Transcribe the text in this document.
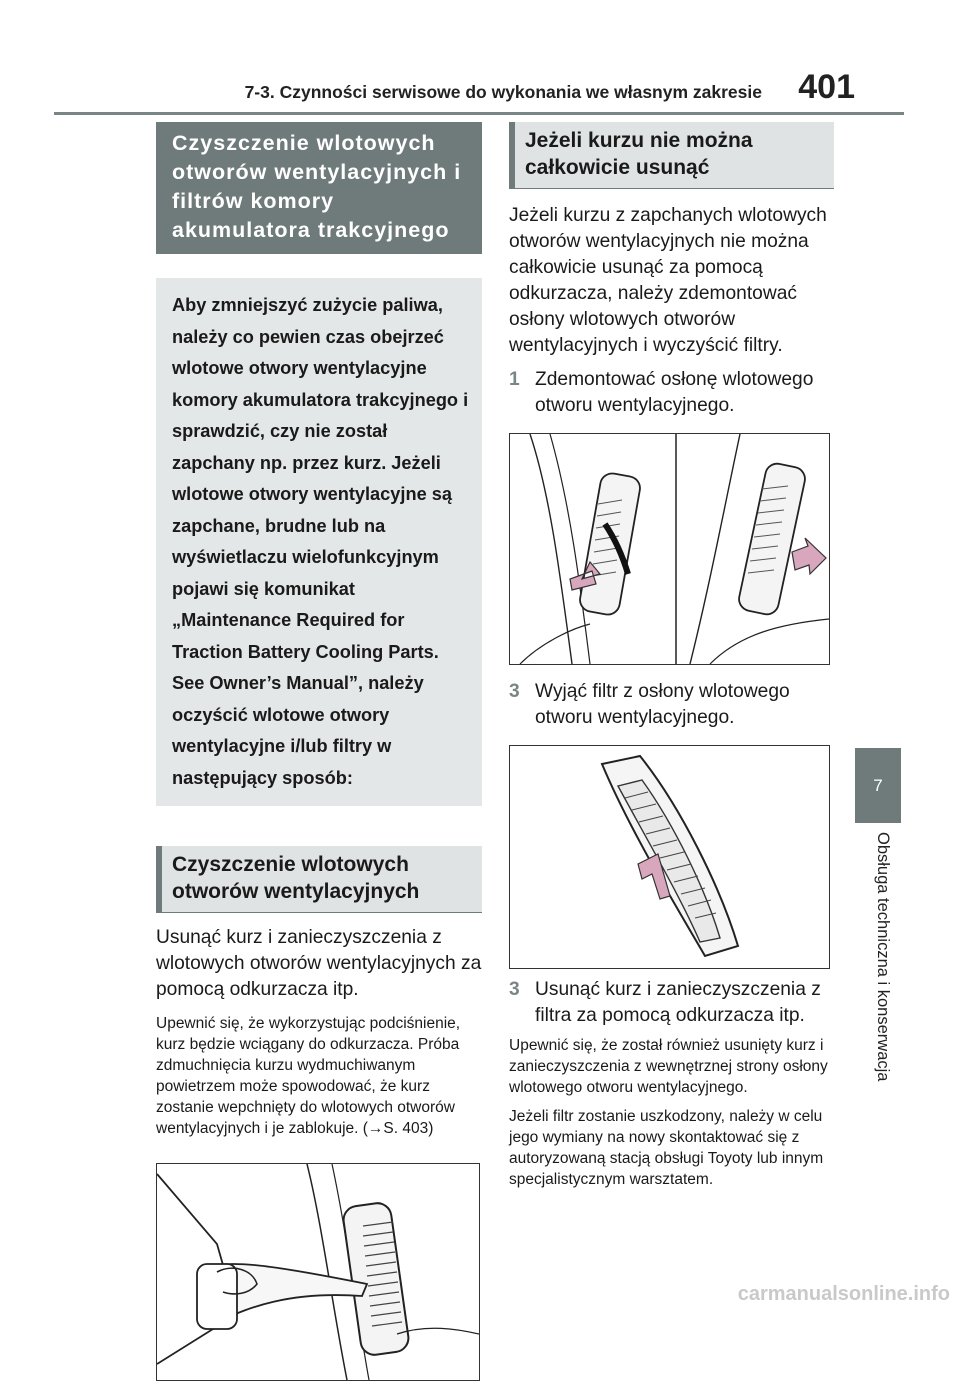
7-3. Czynności serwisowe do wykonania we własnym zakresie	401
7
Obsługa techniczna i konserwacja
Czyszczenie wlotowych otworów wentylacyjnych i filtrów komory akumulatora trakcyjnego
Aby zmniejszyć zużycie paliwa, należy co pewien czas obejrzeć wlotowe otwory wentylacyjne komory akumulatora trakcyjnego i sprawdzić, czy nie został zapchany np. przez kurz. Jeżeli wlotowe otwory wentylacyjne są zapchane, brudne lub na wyświetlaczu wielofunkcyjnym pojawi się komunikat „Maintenance Required for Traction Battery Cooling Parts. See Owner’s Manual”, należy oczyścić wlotowe otwory wentylacyjne i/lub filtry w następujący sposób:
Czyszczenie wlotowych otworów wentylacyjnych

Usunąć kurz i zanieczyszczenia z wlotowych otworów wentylacyjnych za pomocą odkurzacza itp.

Upewnić się, że wykorzystując podciśnienie, kurz będzie wciągany do odkurzacza. Próba zdmuchnięcia kurzu wydmuchiwanym powietrzem może spowodować, że kurz zostanie wepchnięty do wlotowych otworów wentylacyjnych i je zablokuje. (→S. 403)

Jeżeli kurzu nie można całkowicie usunąć

Jeżeli kurzu z zapchanych wlotowych otworów wentylacyjnych nie można całkowicie usunąć za pomocą odkurzacza, należy zdemontować osłony wlotowych otworów wentylacyjnych i wyczyścić filtry.

1 Zdemontować osłonę wlotowego otworu wentylacyjnego.
3 Wyjąć filtr z osłony wlotowego otworu wentylacyjnego.
3 Usunąć kurz i zanieczyszczenia z filtra za pomocą odkurzacza itp.

Upewnić się, że został również usunięty kurz i zanieczyszczenia z wewnętrznej strony osłony wlotowego otworu wentylacyjnego.

Jeżeli filtr zostanie uszkodzony, należy w celu jego wymiany na nowy skontaktować się z autoryzowaną stacją obsługi Toyoty lub innym specjalistycznym warsztatem.

carmanualsonline.info
